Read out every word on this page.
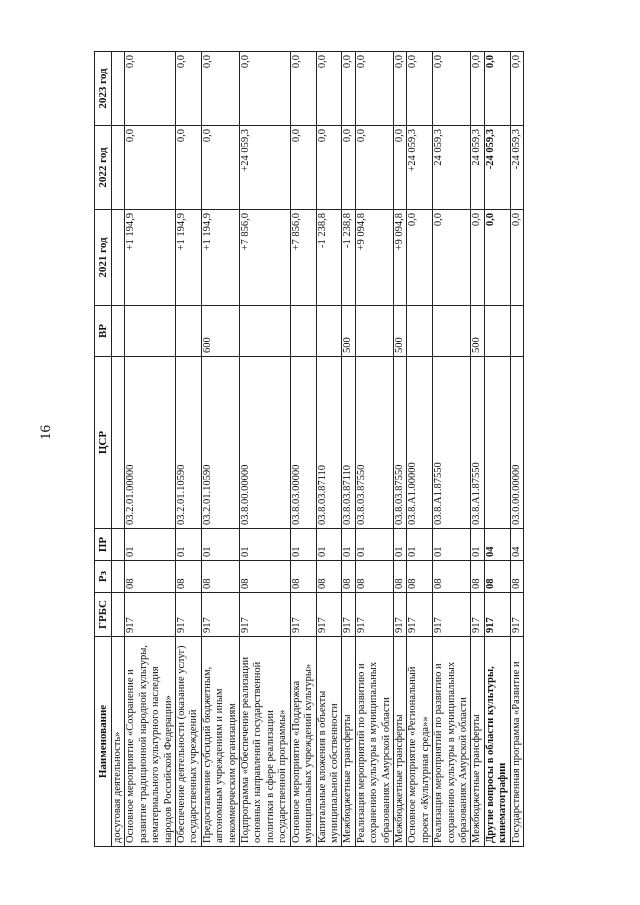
16
Наименование	ГРБС	Рз	ПР	ЦСР	ВР	2021 год	2022 год	2023 год
досуговая деятельность»								
Основное мероприятие «Сохранение и развитие традиционной народной культуры, нематериального культурного наследия народов Российской Федерации»	917	08	01	03.2.01.00000		+1 194,9	0,0	0,0
Обеспечение деятельности (оказание услуг) государственных учреждений	917	08	01	03.2.01.10590		+1 194,9	0,0	0,0
Предоставление субсидий бюджетным, автономным учреждениям и иным некоммерческим организациям	917	08	01	03.2.01.10590	600	+1 194,9	0,0	0,0
Подпрограмма «Обеспечение реализации основных направлений государственной политики в сфере реализации государственной программы»	917	08	01	03.8.00.00000		+7 856,0	+24 059,3	0,0
Основное мероприятие «Поддержка муниципальных учреждений культуры»	917	08	01	03.8.03.00000		+7 856,0	0,0	0,0
Капитальные вложения в объекты муниципальной собственности	917	08	01	03.8.03.87110		-1 238,8	0,0	0,0
Межбюджетные трансферты	917	08	01	03.8.03.87110	500	-1 238,8	0,0	0,0
Реализация мероприятий по развитию и сохранению культуры в муниципальных образованиях Амурской области	917	08	01	03.8.03.87550		+9 094,8	0,0	0,0
Межбюджетные трансферты	917	08	01	03.8.03.87550	500	+9 094,8	0,0	0,0
Основное мероприятие «Региональный проект «Культурная среда»»	917	08	01	03.8.А1.00000		0,0	+24 059,3	0,0
Реализация мероприятий по развитию и сохранению культуры в муниципальных образованиях Амурской области	917	08	01	03.8.А1.87550		0,0	24 059,3	0,0
Межбюджетные трансферты	917	08	01	03.8.А1.87550	500	0,0	24 059,3	0,0
Другие вопросы в области культуры, кинематографии	917	08	04			0,0	-24 059,3	0,0
Государственная программа «Развитие и	917	08	04	03.0.00.00000		0,0	-24 059,3	0,0
